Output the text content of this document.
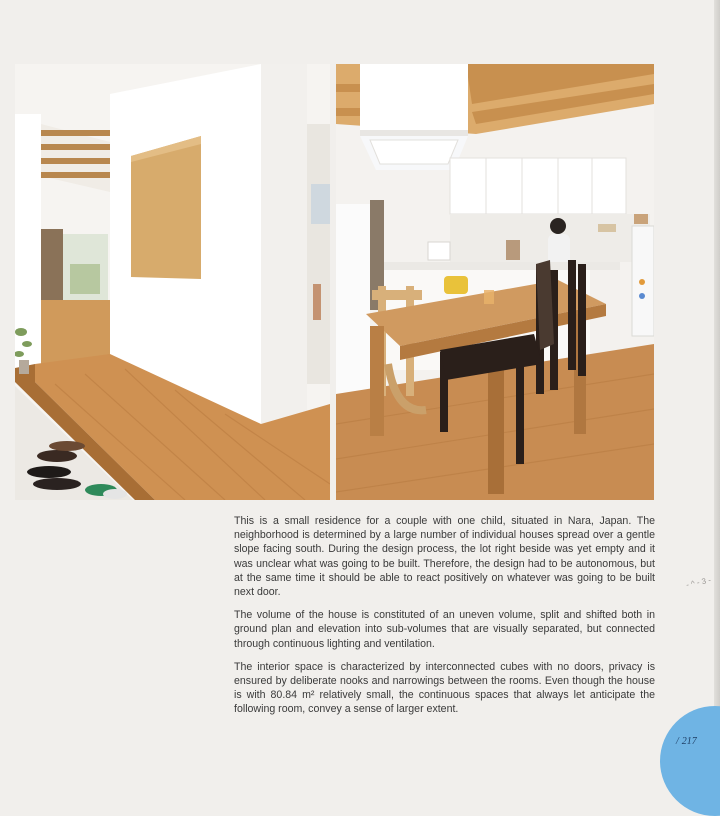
This is a small residence for a couple with one child, situated in Nara, Japan. The neighborhood is determined by a large number of individual houses spread over a gentle slope facing south. During the design process, the lot right beside was yet empty and it was unclear what was going to be built. Therefore, the design had to be autonomous, but at the same time it should be able to react positively on whatever was going to be built next door.

The volume of the house is constituted of an uneven volume, split and shifted both in ground plan and elevation into sub-volumes that are visually separated, but connected through continuous lighting and ventilation.

The interior space is characterized by interconnected cubes with no doors, privacy is ensured by deliberate nooks and narrowings between the rooms. Even though the house is with 80.84 m² relatively small, the continuous spaces that always let anticipate the following room, convey a sense of larger extent.

- ^ - 3 -
/ 217
